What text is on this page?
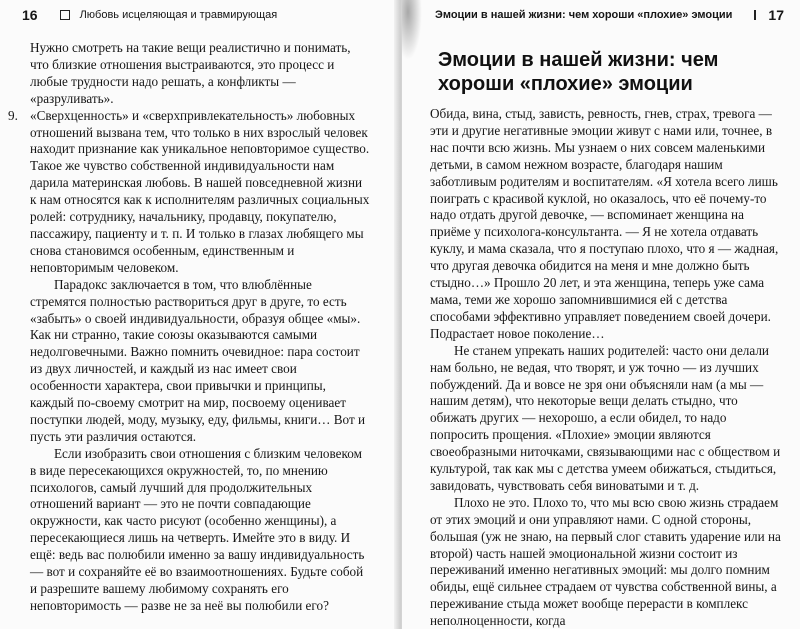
16	Любовь исцеляющая и травмирующая

Нужно смотреть на такие вещи реалистично и понимать, что близкие отношения выстраиваются, это процесс и любые трудности надо решать, а конфликты — «разруливать».

9. «Сверхценность» и «сверхпривлекательность» любовных отношений вызвана тем, что только в них взрослый человек находит признание как уникальное неповторимое существо. Такое же чувство собственной индивидуальности нам дарила материнская любовь. В нашей повседневной жизни к нам относятся как к исполнителям различных социальных ролей: сотруднику, начальнику, продавцу, покупателю, пассажиру, пациенту и т. п. И только в глазах любящего мы снова становимся особенным, единственным и неповторимым человеком.

Парадокс заключается в том, что влюблённые стремятся полностью раствориться друг в друге, то есть «забыть» о своей индивидуальности, образуя общее «мы». Как ни странно, такие союзы оказываются самыми недолговечными. Важно помнить очевидное: пара состоит из двух личностей, и каждый из нас имеет свои особенности характера, свои привычки и принципы, каждый по-своему смотрит на мир, посвоему оценивает поступки людей, моду, музыку, еду, фильмы, книги… Вот и пусть эти различия остаются.

Если изобразить свои отношения с близким человеком в виде пересекающихся окружностей, то, по мнению психологов, самый лучший для продолжительных отношений вариант — это не почти совпадающие окружности, как часто рисуют (особенно женщины), а пересекающиеся лишь на четверть. Имейте это в виду. И ещё: ведь вас полюбили именно за вашу индивидуальность — вот и сохраняйте её во взаимоотношениях. Будьте собой и разрешите вашему любимому сохранять его неповторимость — разве не за неё вы полюбили его?

Эмоции в нашей жизни: чем хороши «плохие» эмоции	17
Эмоции в нашей жизни: чем хороши «плохие» эмоции

Обида, вина, стыд, зависть, ревность, гнев, страх, тревога — эти и другие негативные эмоции живут с нами или, точнее, в нас почти всю жизнь. Мы узнаем о них совсем маленькими детьми, в самом нежном возрасте, благодаря нашим заботливым родителям и воспитателям. «Я хотела всего лишь поиграть с красивой куклой, но оказалось, что её почему-то надо отдать другой девочке, — вспоминает женщина на приёме у психолога-консультанта. — Я не хотела отдавать куклу, и мама сказала, что я поступаю плохо, что я — жадная, что другая девочка обидится на меня и мне должно быть стыдно…» Прошло 20 лет, и эта женщина, теперь уже сама мама, теми же хорошо запомнившимися ей с детства способами эффективно управляет поведением своей дочери. Подрастает новое поколение…

Не станем упрекать наших родителей: часто они делали нам больно, не ведая, что творят, и уж точно — из лучших побуждений. Да и вовсе не зря они объясняли нам (а мы — нашим детям), что некоторые вещи делать стыдно, что обижать других — нехорошо, а если обидел, то надо попросить прощения. «Плохие» эмоции являются своеобразными ниточками, связывающими нас с обществом и культурой, так как мы с детства умеем обижаться, стыдиться, завидовать, чувствовать себя виноватыми и т. д.

Плохо не это. Плохо то, что мы всю свою жизнь страдаем от этих эмоций и они управляют нами. С одной стороны, большая (уж не знаю, на первый слог ставить ударение или на второй) часть нашей эмоциональной жизни состоит из переживаний именно негативных эмоций: мы долго помним обиды, ещё сильнее страдаем от чувства собственной вины, а переживание стыда может вообще перерасти в комплекс неполноценности, когда
